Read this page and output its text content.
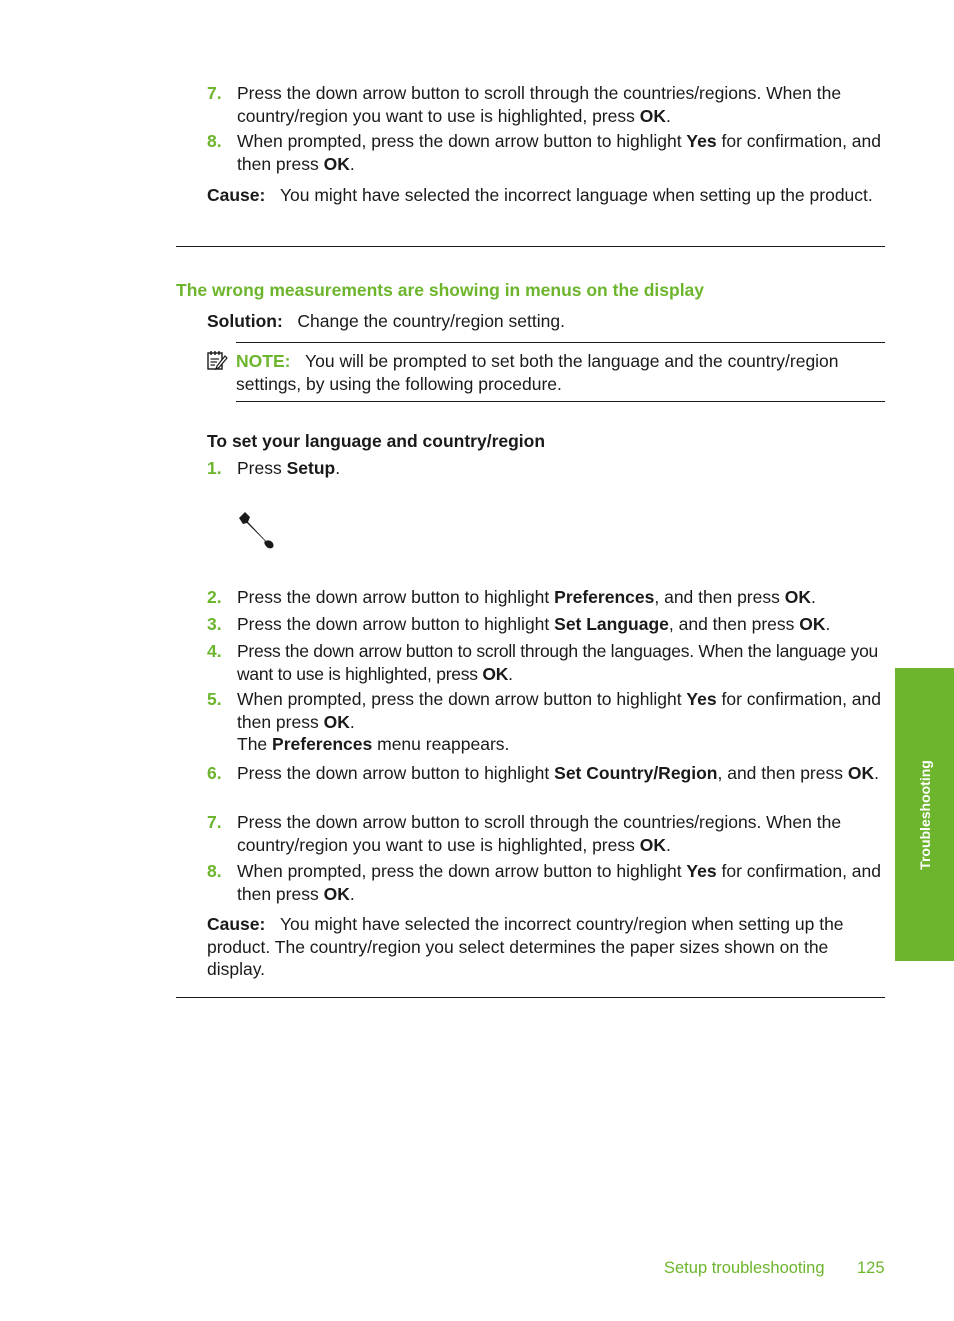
7. Press the down arrow button to scroll through the countries/regions. When the country/region you want to use is highlighted, press OK.
8. When prompted, press the down arrow button to highlight Yes for confirmation, and then press OK.
Cause: You might have selected the incorrect language when setting up the product.
The wrong measurements are showing in menus on the display
Solution: Change the country/region setting.
NOTE: You will be prompted to set both the language and the country/region settings, by using the following procedure.
To set your language and country/region
1. Press Setup.
2. Press the down arrow button to highlight Preferences, and then press OK.
3. Press the down arrow button to highlight Set Language, and then press OK.
4. Press the down arrow button to scroll through the languages. When the language you want to use is highlighted, press OK.
5. When prompted, press the down arrow button to highlight Yes for confirmation, and then press OK.
The Preferences menu reappears.
6. Press the down arrow button to highlight Set Country/Region, and then press OK.
7. Press the down arrow button to scroll through the countries/regions. When the country/region you want to use is highlighted, press OK.
8. When prompted, press the down arrow button to highlight Yes for confirmation, and then press OK.
Cause: You might have selected the incorrect country/region when setting up the product. The country/region you select determines the paper sizes shown on the display.
Troubleshooting
Setup troubleshooting 125
